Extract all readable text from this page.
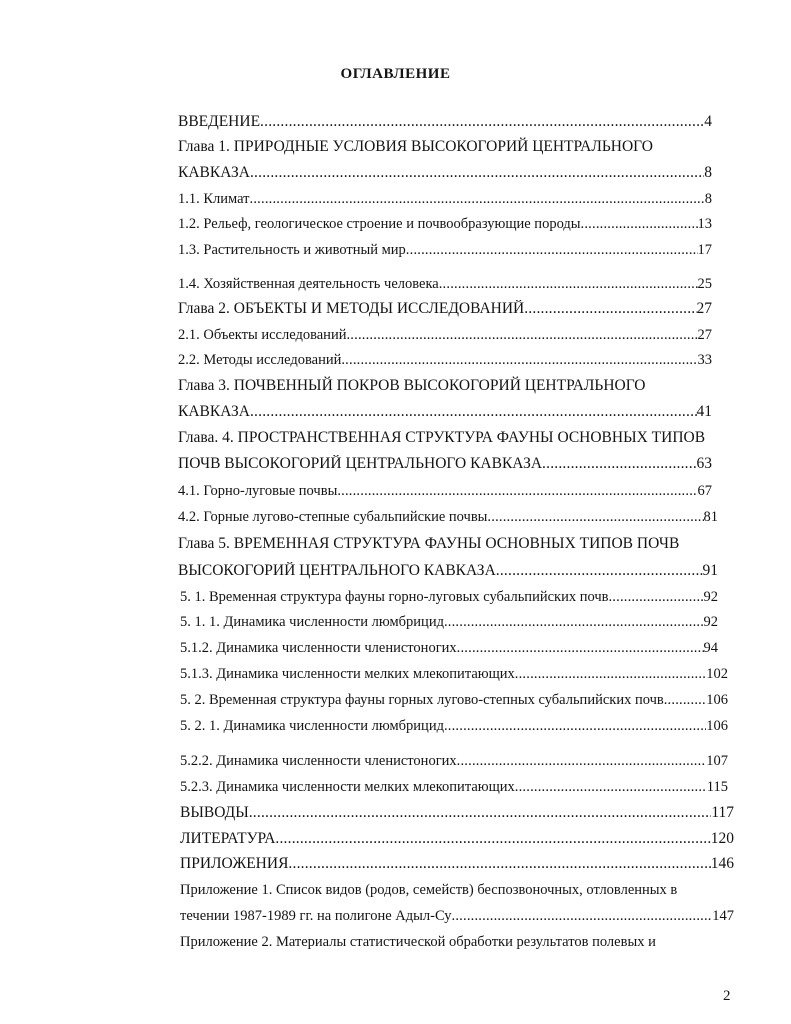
ОГЛАВЛЕНИЕ
ВВЕДЕНИЕ .....	4
Глава 1. ПРИРОДНЫЕ УСЛОВИЯ ВЫСОКОГОРИЙ ЦЕНТРАЛЬНОГО
КАВКАЗА .....	8
1.1. Климат .....	8
1.2. Рельеф, геологическое строение и почвообразующие породы .....	13
1.3. Растительность и животный мир .....	17
1.4. Хозяйственная деятельность человека .....	25
Глава 2. ОБЪЕКТЫ И МЕТОДЫ ИССЛЕДОВАНИЙ .....	27
2.1. Объекты исследований .....	27
2.2. Методы исследований .....	33
Глава 3. ПОЧВЕННЫЙ ПОКРОВ ВЫСОКОГОРИЙ ЦЕНТРАЛЬНОГО
КАВКАЗА .....	41
Глава. 4. ПРОСТРАНСТВЕННАЯ СТРУКТУРА ФАУНЫ ОСНОВНЫХ ТИПОВ
ПОЧВ ВЫСОКОГОРИЙ ЦЕНТРАЛЬНОГО КАВКАЗА .....	63
4.1. Горно-луговые почвы .....	67
4.2. Горные лугово-степные субальпийские почвы .....	81
Глава 5. ВРЕМЕННАЯ СТРУКТУРА ФАУНЫ ОСНОВНЫХ ТИПОВ ПОЧВ
ВЫСОКОГОРИЙ ЦЕНТРАЛЬНОГО КАВКАЗА .....	91
5. 1. Временная структура фауны горно-луговых субальпийских почв .....	92
5. 1. 1. Динамика численности люмбрицид .....	92
5.1.2. Динамика численности членистоногих .....	94
5.1.3. Динамика численности мелких млекопитающих .....	102
5. 2. Временная структура фауны горных лугово-степных субальпийских почв .....	106
5. 2. 1. Динамика численности люмбрицид .....	106
5.2.2. Динамика численности членистоногих .....	107
5.2.3. Динамика численности мелких млекопитающих .....	115
ВЫВОДЫ .....	117
ЛИТЕРАТУРА .....	120
ПРИЛОЖЕНИЯ .....	146
Приложение 1. Список видов (родов, семейств) беспозвоночных, отловленных в
течении 1987-1989 гг. на полигоне Адыл-Су .....	147
Приложение 2. Материалы статистической обработки результатов полевых и
2
